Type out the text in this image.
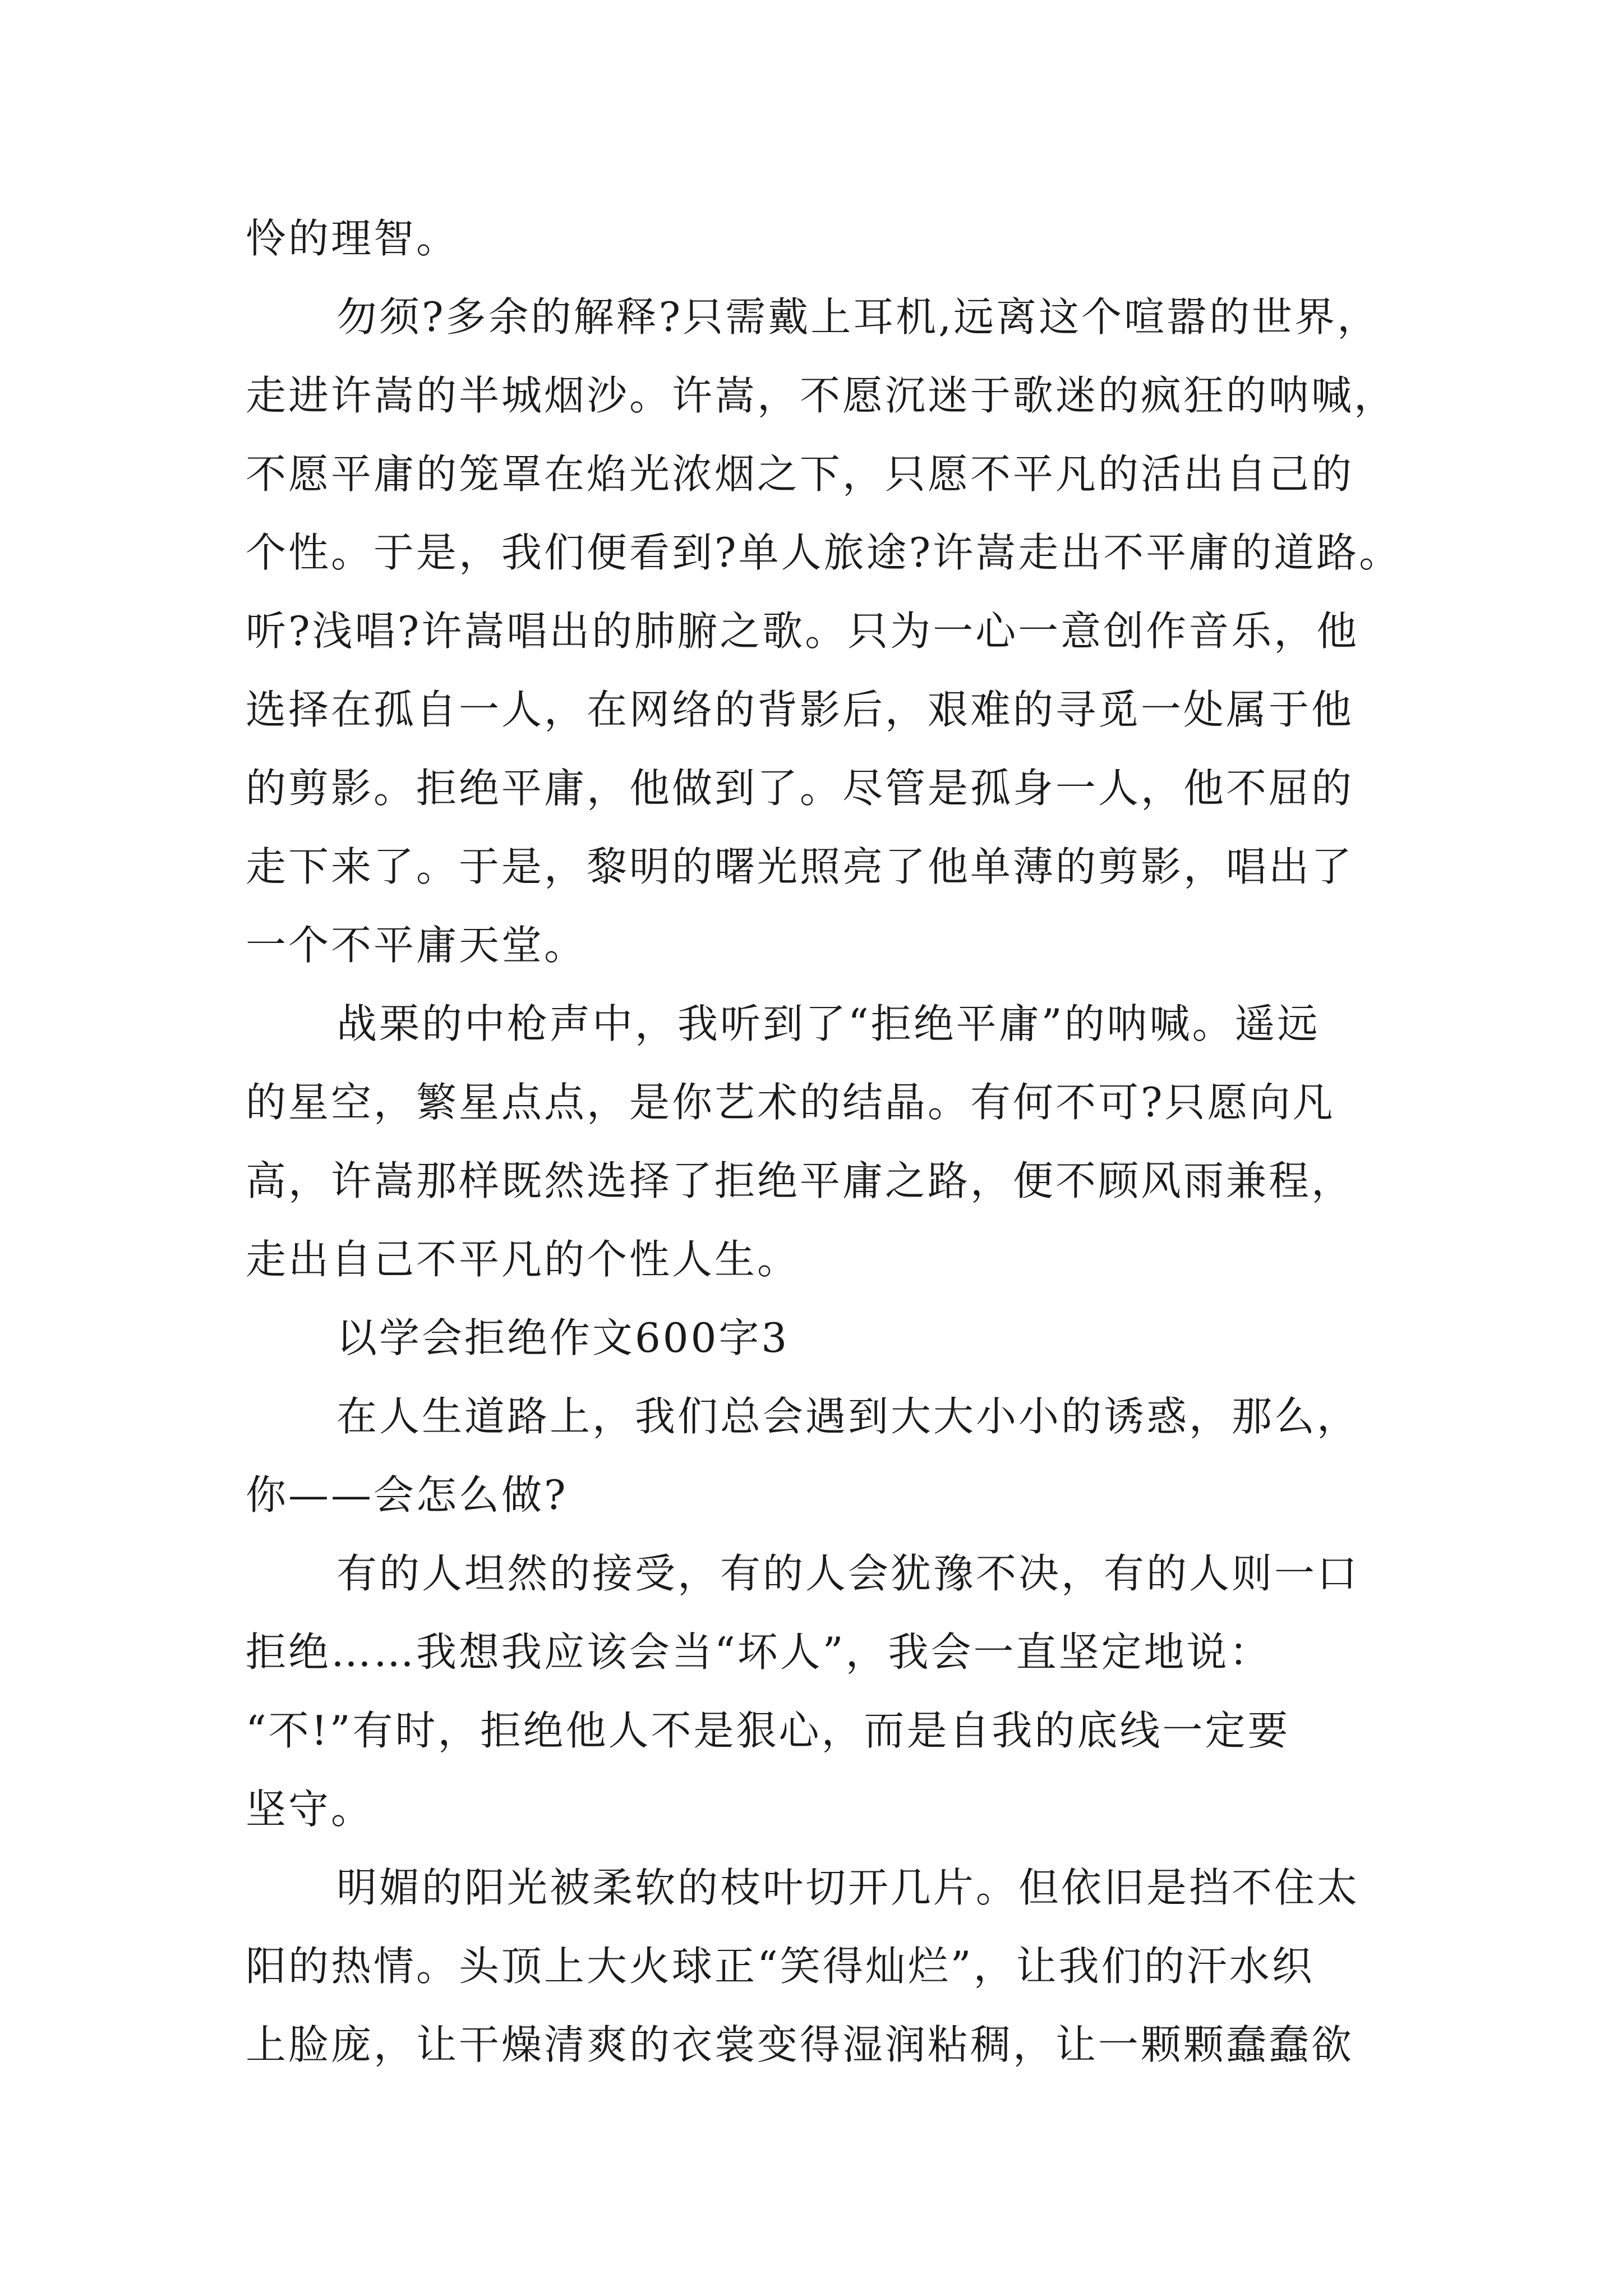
怜的理智。
勿须?多余的解释?只需戴上耳机,远离这个喧嚣的世界，
走进许嵩的半城烟沙。许嵩，不愿沉迷于歌迷的疯狂的呐喊，
不愿平庸的笼罩在焰光浓烟之下，只愿不平凡的活出自己的
个性。于是，我们便看到?单人旅途?许嵩走出不平庸的道路。
听?浅唱?许嵩唱出的肺腑之歌。只为一心一意创作音乐，他
选择在孤自一人，在网络的背影后，艰难的寻觅一处属于他
的剪影。拒绝平庸，他做到了。尽管是孤身一人，他不屈的
走下来了。于是，黎明的曙光照亮了他单薄的剪影，唱出了
一个不平庸天堂。
战栗的中枪声中，我听到了“拒绝平庸”的呐喊。遥远
的星空，繁星点点，是你艺术的结晶。有何不可?只愿向凡
高，许嵩那样既然选择了拒绝平庸之路，便不顾风雨兼程，
走出自己不平凡的个性人生。
以学会拒绝作文600字3
在人生道路上，我们总会遇到大大小小的诱惑，那么，
你——会怎么做?
有的人坦然的接受，有的人会犹豫不决，有的人则一口
拒绝……我想我应该会当“坏人”，我会一直坚定地说：
“不!”有时，拒绝他人不是狠心，而是自我的底线一定要
坚守。
明媚的阳光被柔软的枝叶切开几片。但依旧是挡不住太
阳的热情。头顶上大火球正“笑得灿烂”，让我们的汗水织
上脸庞，让干燥清爽的衣裳变得湿润粘稠，让一颗颗蠢蠢欲
